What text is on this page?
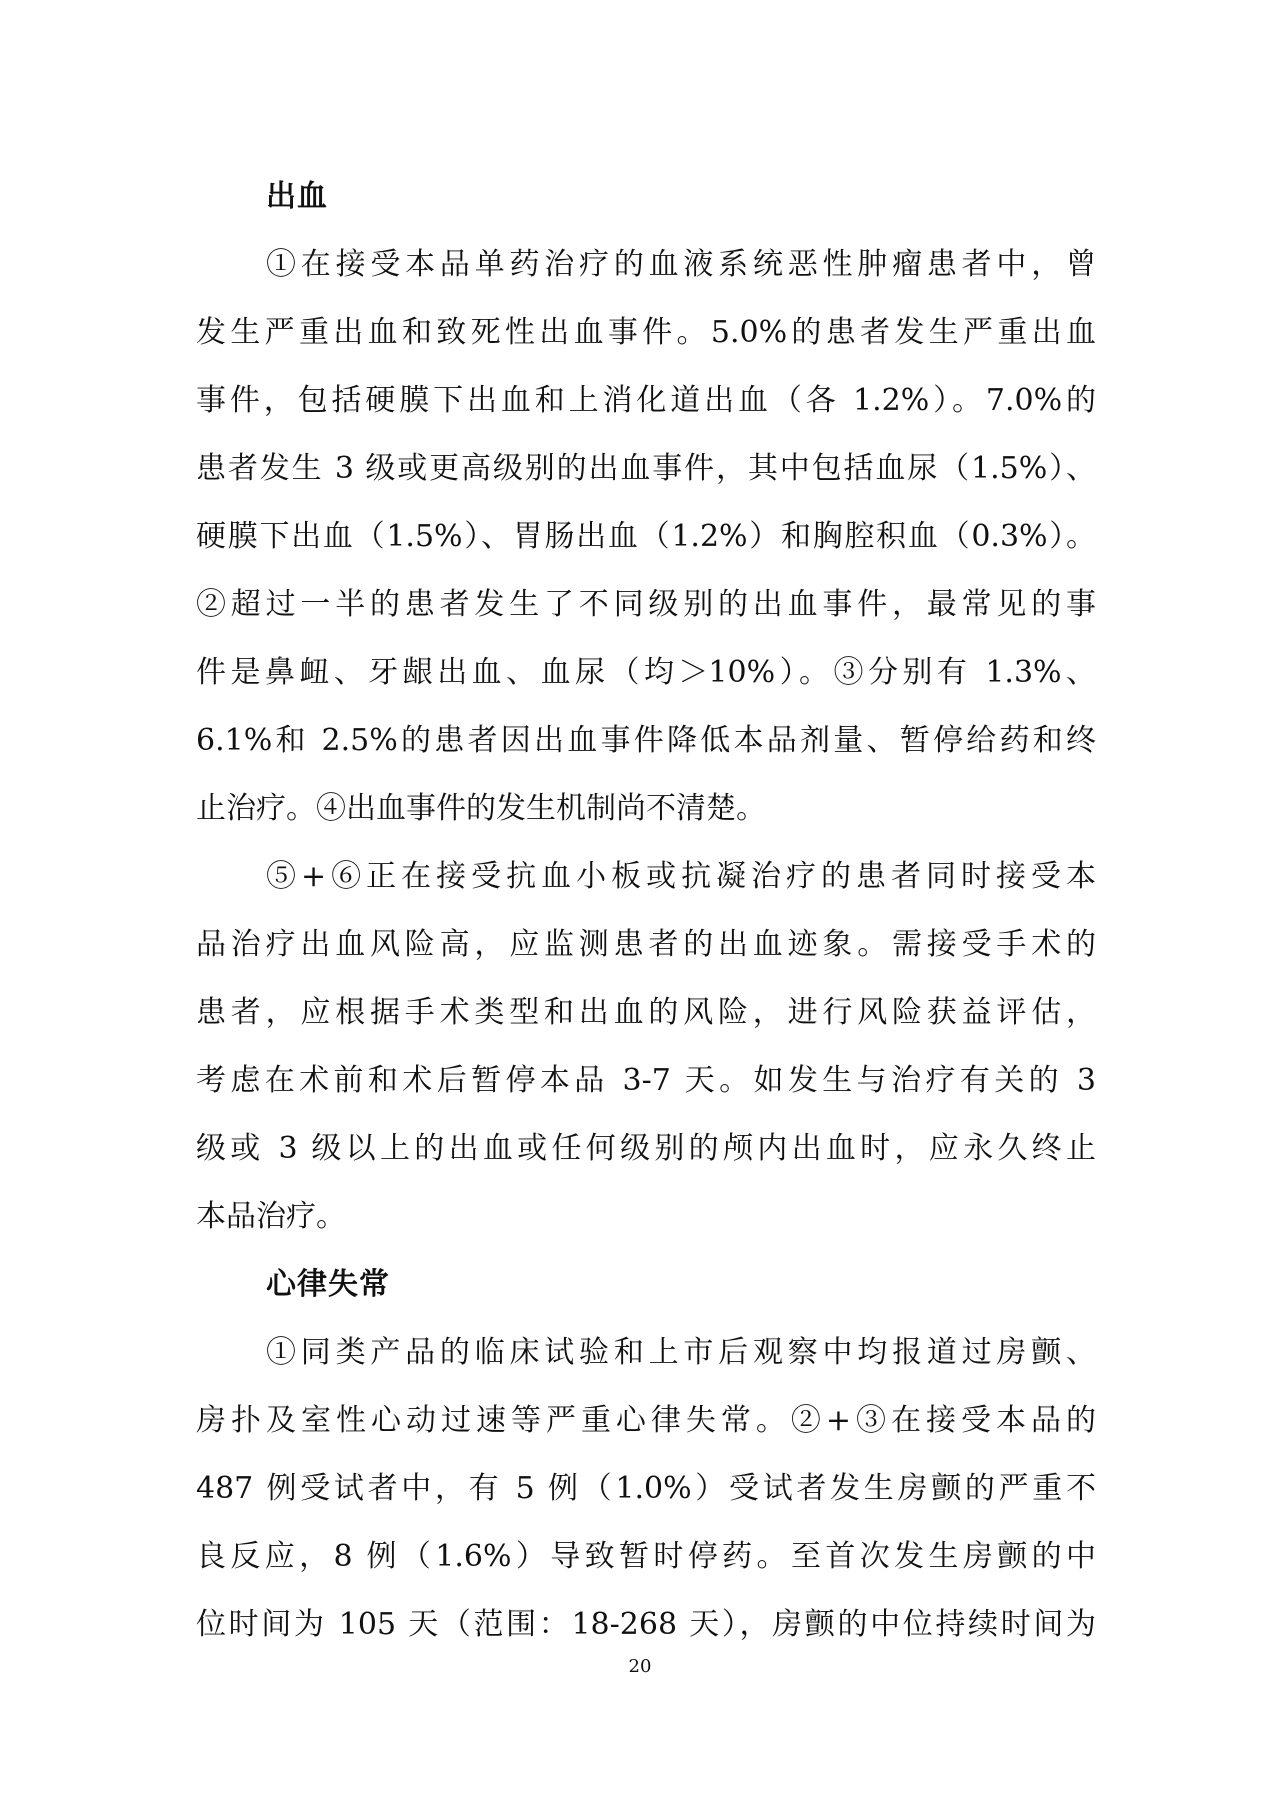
出血
①在接受本品单药治疗的血液系统恶性肿瘤患者中，曾
发生严重出血和致死性出血事件。5.0%的患者发生严重出血
事件，包括硬膜下出血和上消化道出血（各 1.2%）。7.0%的
患者发生 3 级或更高级别的出血事件，其中包括血尿（1.5%）、
硬膜下出血（1.5%）、胃肠出血（1.2%）和胸腔积血（0.3%）。
②超过一半的患者发生了不同级别的出血事件，最常见的事
件是鼻衄、牙龈出血、血尿（均＞10%）。③分别有 1.3%、
6.1%和 2.5%的患者因出血事件降低本品剂量、暂停给药和终
止治疗。④出血事件的发生机制尚不清楚。
⑤+⑥正在接受抗血小板或抗凝治疗的患者同时接受本
品治疗出血风险高，应监测患者的出血迹象。需接受手术的
患者，应根据手术类型和出血的风险，进行风险获益评估，
考虑在术前和术后暂停本品 3-7 天。如发生与治疗有关的 3
级或 3 级以上的出血或任何级别的颅内出血时，应永久终止
本品治疗。
心律失常
①同类产品的临床试验和上市后观察中均报道过房颤、
房扑及室性心动过速等严重心律失常。②+③在接受本品的
487 例受试者中，有 5 例（1.0%）受试者发生房颤的严重不
良反应，8 例（1.6%）导致暂时停药。至首次发生房颤的中
位时间为 105 天（范围：18-268 天），房颤的中位持续时间为
20
